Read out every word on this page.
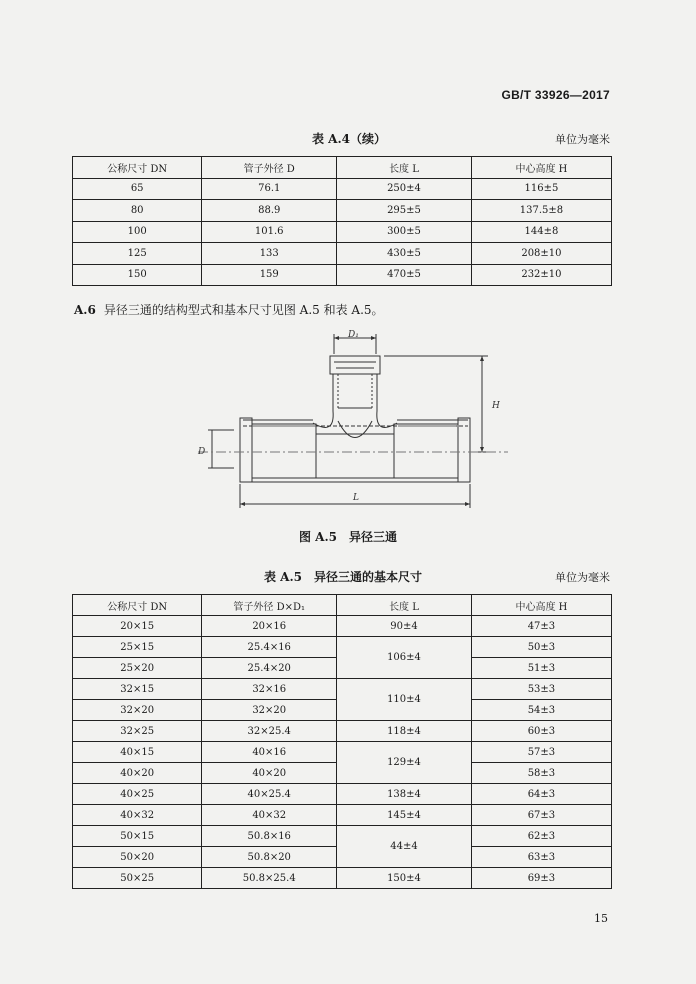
GB/T 33926—2017
表 A.4（续）	单位为毫米
公称尺寸 DN	管子外径 D	长度 L	中心高度 H
65	76.1	250±4	116±5
80	88.9	295±5	137.5±8
100	101.6	300±5	144±8
125	133	430±5	208±10
150	159	470±5	232±10
A.6 异径三通的结构型式和基本尺寸见图 A.5 和表 A.5。
D₁
H
D
L
图 A.5　异径三通
表 A.5　异径三通的基本尺寸	单位为毫米
公称尺寸 DN	管子外径 D×D₁	长度 L	中心高度 H
20×15	20×16	90±4	47±3
25×15	25.4×16	106±4	50±3
25×20	25.4×20		51±3
32×15	32×16	110±4	53±3
32×20	32×20		54±3
32×25	32×25.4	118±4	60±3
40×15	40×16	129±4	57±3
40×20	40×20		58±3
40×25	40×25.4	138±4	64±3
40×32	40×32	145±4	67±3
50×15	50.8×16	44±4	62±3
50×20	50.8×20		63±3
50×25	50.8×25.4	150±4	69±3
15
